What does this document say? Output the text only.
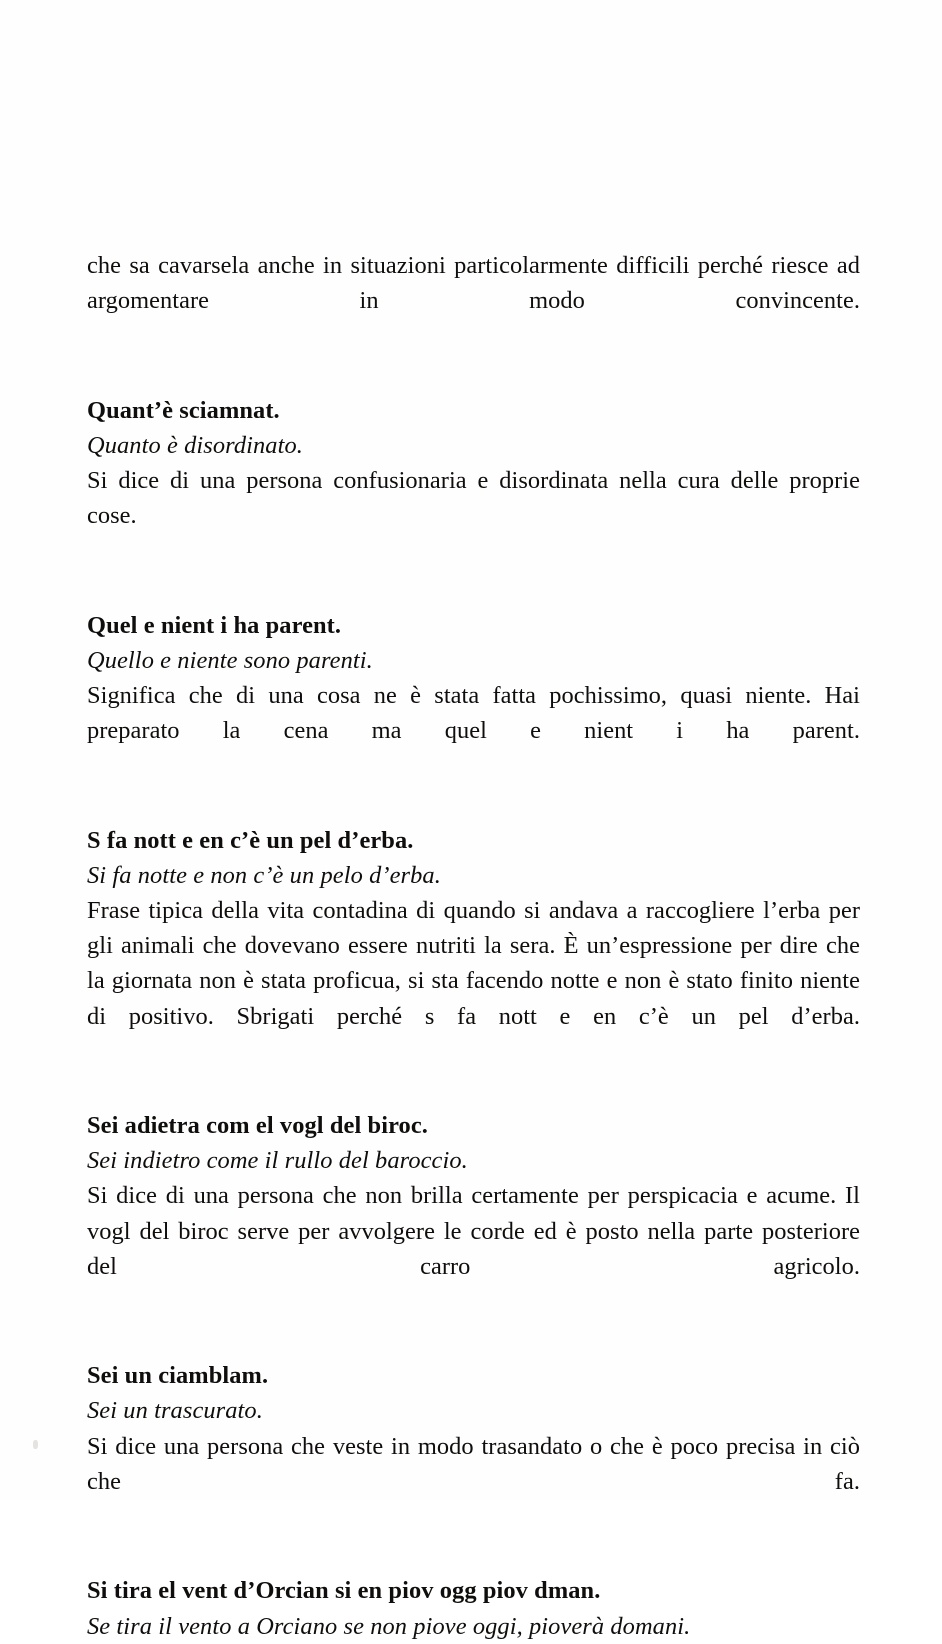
che sa cavarsela anche in situazioni particolarmente difficili perché riesce ad argomentare in modo convincente.

Quant’è sciamnat.

Quanto è disordinato.

Si dice di una persona confusionaria e disordinata nella cura delle proprie cose.

Quel e nient i ha parent.

Quello e niente sono parenti.

Significa che di una cosa ne è stata fatta pochissimo, quasi niente. Hai preparato la cena ma quel e nient i ha parent.

S fa nott e en c’è un pel d’erba.

Si fa notte e non c’è un pelo d’erba.

Frase tipica della vita contadina di quando si andava a raccogliere l’erba per gli animali che dovevano essere nutriti la sera. È un’espressione per dire che la giornata non è stata proficua, si sta facendo notte e non è stato finito niente di positivo. Sbrigati perché s fa nott e en c’è un pel d’erba.

Sei adietra com el vogl del biroc.

Sei indietro come il rullo del baroccio.

Si dice di una persona che non brilla certamente per perspicacia e acume. Il vogl del biroc serve per avvolgere le corde ed è posto nella parte posteriore del carro agricolo.

Sei un ciamblam.

Sei un trascurato.

Si dice una persona che veste in modo trasandato o che è poco precisa in ciò che fa.

Si tira el vent d’Orcian si en piov ogg piov dman.

Se tira il vento a Orciano se non piove oggi, pioverà domani.
